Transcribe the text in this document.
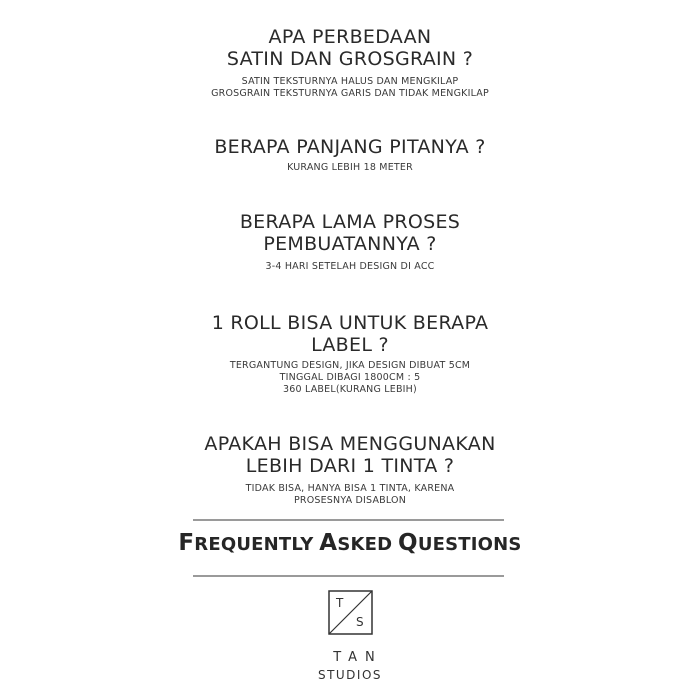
APA PERBEDAAN
SATIN DAN GROSGRAIN ?

SATIN TEKSTURNYA HALUS DAN MENGKILAP
GROSGRAIN TEKSTURNYA GARIS DAN TIDAK MENGKILAP

BERAPA PANJANG PITANYA ?

KURANG LEBIH 18 METER

BERAPA LAMA PROSES
PEMBUATANNYA ?

3-4 HARI SETELAH DESIGN DI ACC

1 ROLL BISA UNTUK BERAPA
LABEL ?

TERGANTUNG DESIGN, JIKA DESIGN DIBUAT 5CM
TINGGAL DIBAGI 1800CM : 5
360 LABEL(KURANG LEBIH)

APAKAH BISA MENGGUNAKAN
LEBIH DARI 1 TINTA ?

TIDAK BISA, HANYA BISA 1 TINTA, KARENA
PROSESNYA DISABLON

FREQUENTLY ASKED QUESTIONS
T
S
TAN
STUDIOS
